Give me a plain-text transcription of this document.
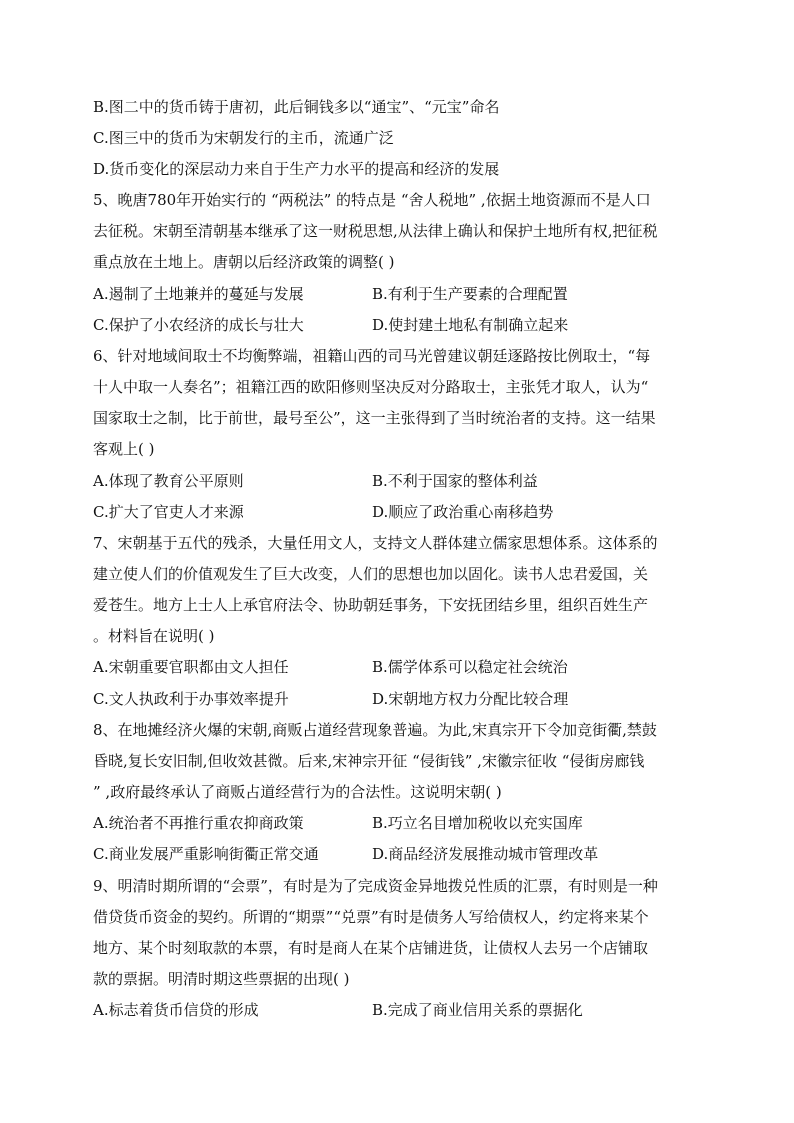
B.图二中的货币铸于唐初，此后铜钱多以“通宝”、“元宝”命名
C.图三中的货币为宋朝发行的主币，流通广泛
D.货币变化的深层动力来自于生产力水平的提高和经济的发展
5、晚唐780年开始实行的 “两税法” 的特点是 “舍人税地” ,依据土地资源而不是人口
去征税。宋朝至清朝基本继承了这一财税思想,从法律上确认和保护土地所有权,把征税
重点放在土地上。唐朝以后经济政策的调整( )
A.遏制了土地兼并的蔓延与发展	B.有利于生产要素的合理配置
C.保护了小农经济的成长与壮大	D.使封建土地私有制确立起来
6、针对地域间取士不均衡弊端，祖籍山西的司马光曾建议朝廷逐路按比例取士，“每
十人中取一人奏名”；祖籍江西的欧阳修则坚决反对分路取士，主张凭才取人，认为“
国家取士之制，比于前世，最号至公”，这一主张得到了当时统治者的支持。这一结果
客观上( )
A.体现了教育公平原则	B.不利于国家的整体利益
C.扩大了官吏人才来源	D.顺应了政治重心南移趋势
7、宋朝基于五代的残杀，大量任用文人，支持文人群体建立儒家思想体系。这体系的
建立使人们的价值观发生了巨大改变，人们的思想也加以固化。读书人忠君爱国，关
爱苍生。地方上士人上承官府法令、协助朝廷事务，下安抚团结乡里，组织百姓生产
。材料旨在说明( )
A.宋朝重要官职都由文人担任	B.儒学体系可以稳定社会统治
C.文人执政利于办事效率提升	D.宋朝地方权力分配比较合理
8、在地摊经济火爆的宋朝,商贩占道经营现象普遍。为此,宋真宗开下令加竞街衢,禁鼓
昏晓,复长安旧制,但收效甚微。后来,宋神宗开征 “侵街钱” ,宋徽宗征收 “侵街房廊钱
” ,政府最终承认了商贩占道经营行为的合法性。这说明宋朝( )
A.统治者不再推行重农抑商政策	B.巧立名目增加税收以充实国库
C.商业发展严重影响街衢正常交通	D.商品经济发展推动城市管理改革
9、明清时期所谓的“会票”，有时是为了完成资金异地拨兑性质的汇票，有时则是一种
借贷货币资金的契约。所谓的“期票”“兑票”有时是债务人写给债权人，约定将来某个
地方、某个时刻取款的本票，有时是商人在某个店铺进货，让债权人去另一个店铺取
款的票据。明清时期这些票据的出现( )
A.标志着货币信贷的形成	B.完成了商业信用关系的票据化
